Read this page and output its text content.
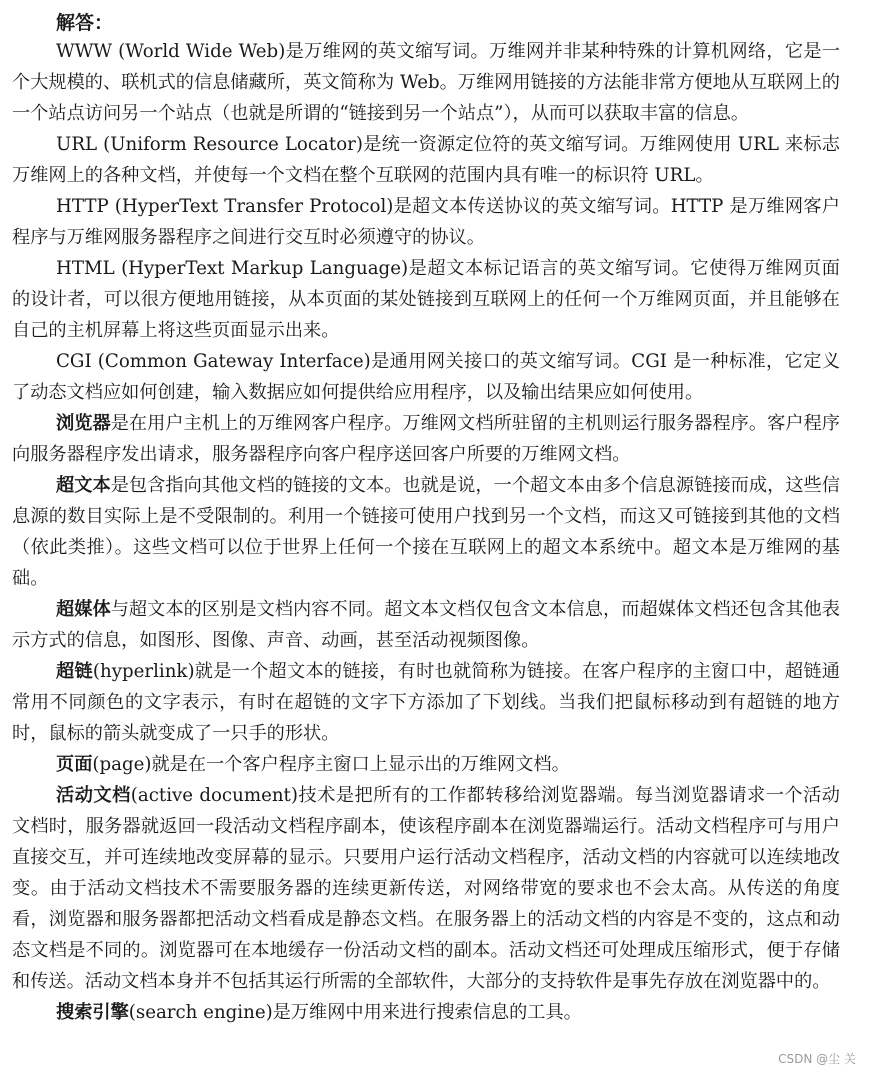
解答：

WWW (World Wide Web)是万维网的英文缩写词。万维网并非某种特殊的计算机网络，它是一个大规模的、联机式的信息储藏所，英文简称为 Web。万维网用链接的方法能非常方便地从互联网上的一个站点访问另一个站点（也就是所谓的“链接到另一个站点”），从而可以获取丰富的信息。

URL (Uniform Resource Locator)是统一资源定位符的英文缩写词。万维网使用 URL 来标志万维网上的各种文档，并使每一个文档在整个互联网的范围内具有唯一的标识符 URL。

HTTP (HyperText Transfer Protocol)是超文本传送协议的英文缩写词。HTTP 是万维网客户程序与万维网服务器程序之间进行交互时必须遵守的协议。

HTML (HyperText Markup Language)是超文本标记语言的英文缩写词。它使得万维网页面的设计者，可以很方便地用链接，从本页面的某处链接到互联网上的任何一个万维网页面，并且能够在自己的主机屏幕上将这些页面显示出来。

CGI (Common Gateway Interface)是通用网关接口的英文缩写词。CGI 是一种标准，它定义了动态文档应如何创建，输入数据应如何提供给应用程序，以及输出结果应如何使用。

浏览器是在用户主机上的万维网客户程序。万维网文档所驻留的主机则运行服务器程序。客户程序向服务器程序发出请求，服务器程序向客户程序送回客户所要的万维网文档。

超文本是包含指向其他文档的链接的文本。也就是说，一个超文本由多个信息源链接而成，这些信息源的数目实际上是不受限制的。利用一个链接可使用户找到另一个文档，而这又可链接到其他的文档（依此类推）。这些文档可以位于世界上任何一个接在互联网上的超文本系统中。超文本是万维网的基础。

超媒体与超文本的区别是文档内容不同。超文本文档仅包含文本信息，而超媒体文档还包含其他表示方式的信息，如图形、图像、声音、动画，甚至活动视频图像。

超链(hyperlink)就是一个超文本的链接，有时也就简称为链接。在客户程序的主窗口中，超链通常用不同颜色的文字表示，有时在超链的文字下方添加了下划线。当我们把鼠标移动到有超链的地方时，鼠标的箭头就变成了一只手的形状。

页面(page)就是在一个客户程序主窗口上显示出的万维网文档。

活动文档(active document)技术是把所有的工作都转移给浏览器端。每当浏览器请求一个活动文档时，服务器就返回一段活动文档程序副本，使该程序副本在浏览器端运行。活动文档程序可与用户直接交互，并可连续地改变屏幕的显示。只要用户运行活动文档程序，活动文档的内容就可以连续地改变。由于活动文档技术不需要服务器的连续更新传送，对网络带宽的要求也不会太高。从传送的角度看，浏览器和服务器都把活动文档看成是静态文档。在服务器上的活动文档的内容是不变的，这点和动态文档是不同的。浏览器可在本地缓存一份活动文档的副本。活动文档还可处理成压缩形式，便于存储和传送。活动文档本身并不包括其运行所需的全部软件，大部分的支持软件是事先存放在浏览器中的。

搜索引擎(search engine)是万维网中用来进行搜索信息的工具。

CSDN @尘 关
